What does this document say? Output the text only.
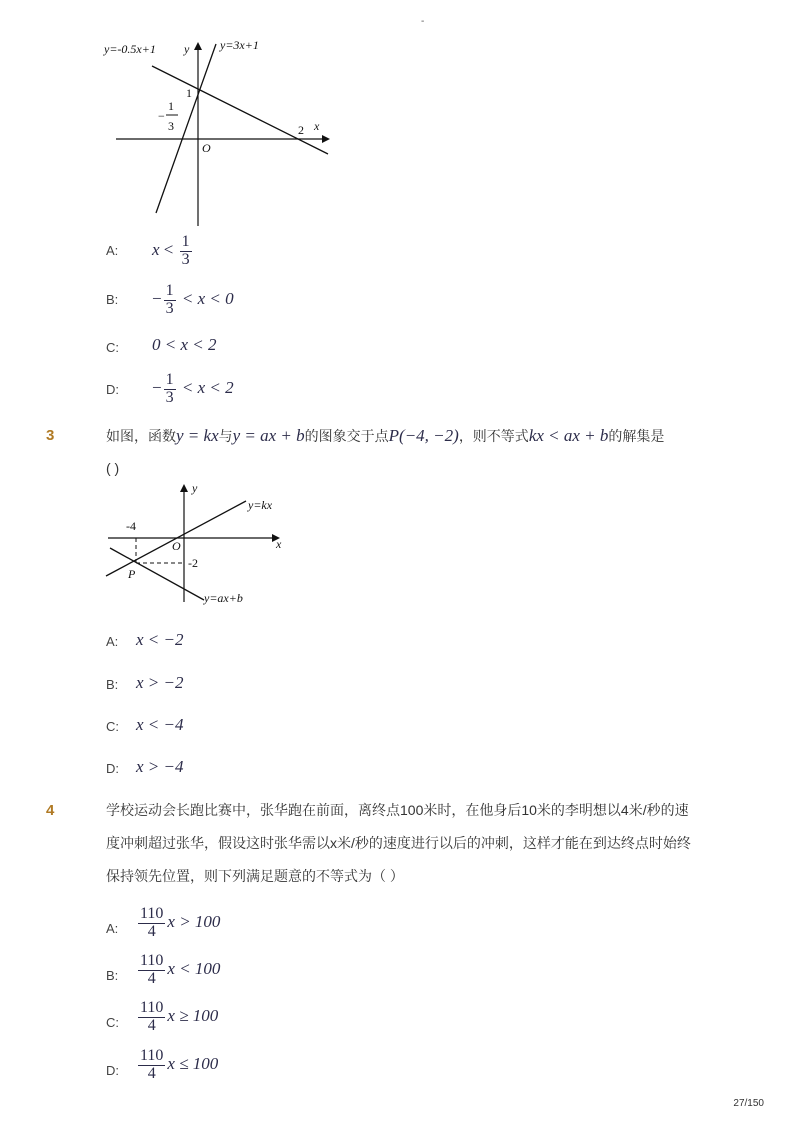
-
y=-0.5x+1 y	y=3x+1
1
−
1
3
O
2 x
A: $x < \frac{1}{3}$
B: − $\frac{1}{3} < x < 0$
C: 0 < x < 2
D: − $\frac{1}{3} < x < 2$
3	如图，函数y = kx与y = ax + b的图象交于点P(−4, −2)，则不等式kx < ax + b的解集是
( )
-4
-2
O
P
y
x
y=kx
y=ax+b
A: x < −2
B: x > −2
C: x < −4
D: x > −4
4	学校运动会长跑比赛中，张华跑在前面，离终点100米时，在他身后10米的李明想以4米/秒的速
度冲刺超过张华，假设这时张华需以x米/秒的速度进行以后的冲刺，这样才能在到达终点时始终
保持领先位置，则下列满足题意的不等式为（ ）
A: $\frac{110}{4}$ x > 100
B: $\frac{110}{4}$ x < 100
C: $\frac{110}{4}$ x ≥ 100
D: $\frac{110}{4}$ x ≤ 100
27/150
